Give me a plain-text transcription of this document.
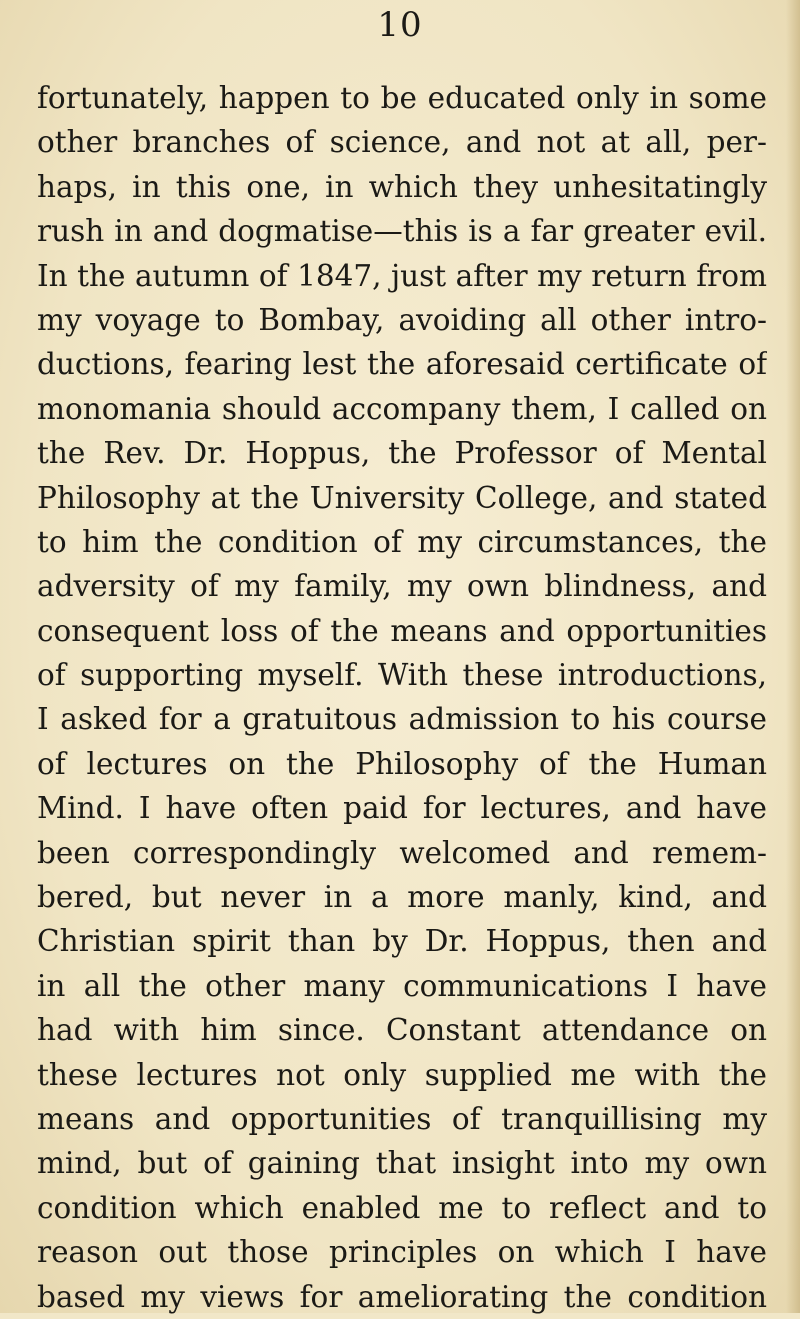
10
fortunately, happen to be educated only in some
other branches of science, and not at all, per-
haps, in this one, in which they unhesitatingly
rush in and dogmatise—this is a far greater evil.
In the autumn of 1847, just after my return from
my voyage to Bombay, avoiding all other intro-
ductions, fearing lest the aforesaid certificate of
monomania should accompany them, I called on
the Rev. Dr. Hoppus, the Professor of Mental
Philosophy at the University College, and stated
to him the condition of my circumstances, the
adversity of my family, my own blindness, and
consequent loss of the means and opportunities
of supporting myself. With these introductions,
I asked for a gratuitous admission to his course
of lectures on the Philosophy of the Human
Mind. I have often paid for lectures, and have
been correspondingly welcomed and remem-
bered, but never in a more manly, kind, and
Christian spirit than by Dr. Hoppus, then and
in all the other many communications I have
had with him since. Constant attendance on
these lectures not only supplied me with the
means and opportunities of tranquillising my
mind, but of gaining that insight into my own
condition which enabled me to reflect and to
reason out those principles on which I have
based my views for ameliorating the condition
